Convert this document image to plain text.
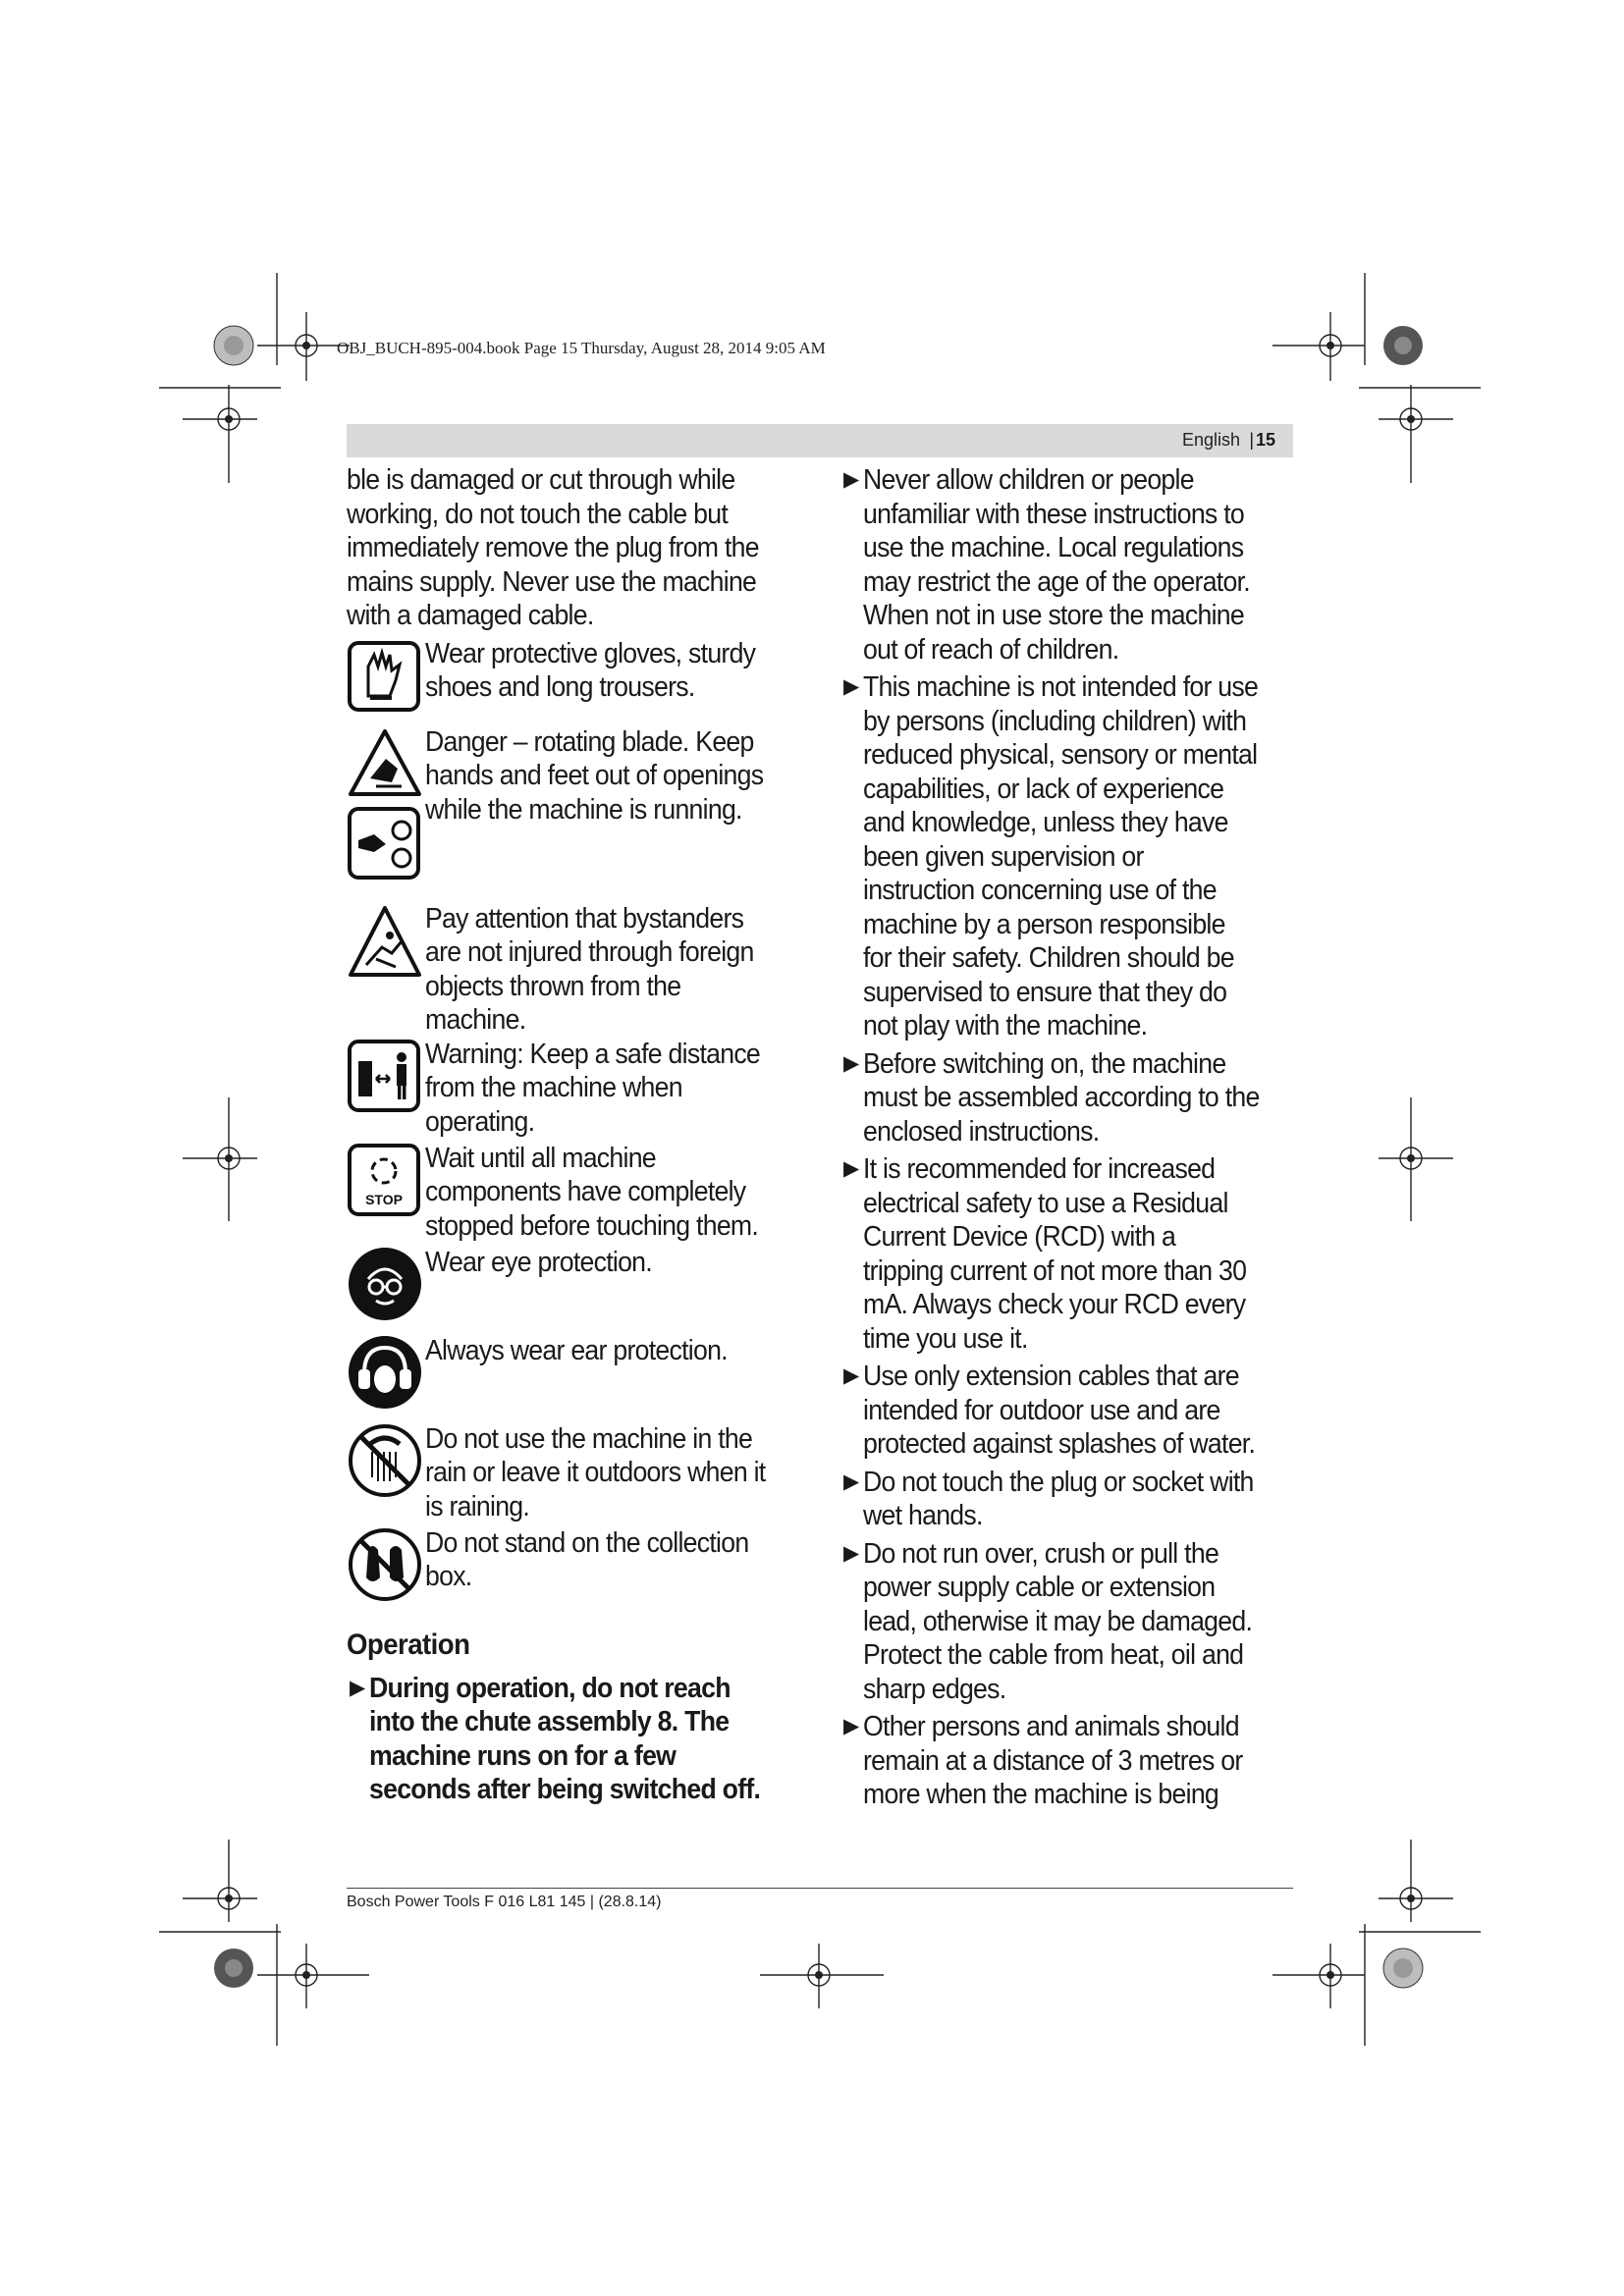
OBJ_BUCH-895-004.book Page 15 Thursday, August 28, 2014 9:05 AM
English | 15

ble is damaged or cut through while working, do not touch the cable but immediately remove the plug from the mains supply. Never use the machine with a damaged cable.

Wear protective gloves, sturdy shoes and long trousers.
Danger – rotating blade. Keep hands and feet out of openings while the machine is running.
Pay attention that bystanders are not injured through foreign objects thrown from the machine.
Warning: Keep a safe distance from the machine when operating.
STOP
Wait until all machine components have completely stopped before touching them.
Wear eye protection.
Always wear ear protection.
Do not use the machine in the rain or leave it outdoors when it is raining.
Do not stand on the collection box.
Operation
▶ During operation, do not reach into the chute assembly 8. The machine runs on for a few seconds after being switched off.
▶ Never allow children or people unfamiliar with these instructions to use the machine. Local regulations may restrict the age of the operator. When not in use store the machine out of reach of children.
▶ This machine is not intended for use by persons (including children) with reduced physical, sensory or mental capabilities, or lack of experience and knowledge, unless they have been given supervision or instruction concerning use of the machine by a person responsible for their safety. Children should be supervised to ensure that they do not play with the machine.
▶ Before switching on, the machine must be assembled according to the enclosed instructions.
▶ It is recommended for increased electrical safety to use a Residual Current Device (RCD) with a tripping current of not more than 30 mA. Always check your RCD every time you use it.
▶ Use only extension cables that are intended for outdoor use and are protected against splashes of water.
▶ Do not touch the plug or socket with wet hands.
▶ Do not run over, crush or pull the power supply cable or extension lead, otherwise it may be damaged. Protect the cable from heat, oil and sharp edges.
▶ Other persons and animals should remain at a distance of 3 metres or more when the machine is being
Bosch Power Tools F 016 L81 145 | (28.8.14)
